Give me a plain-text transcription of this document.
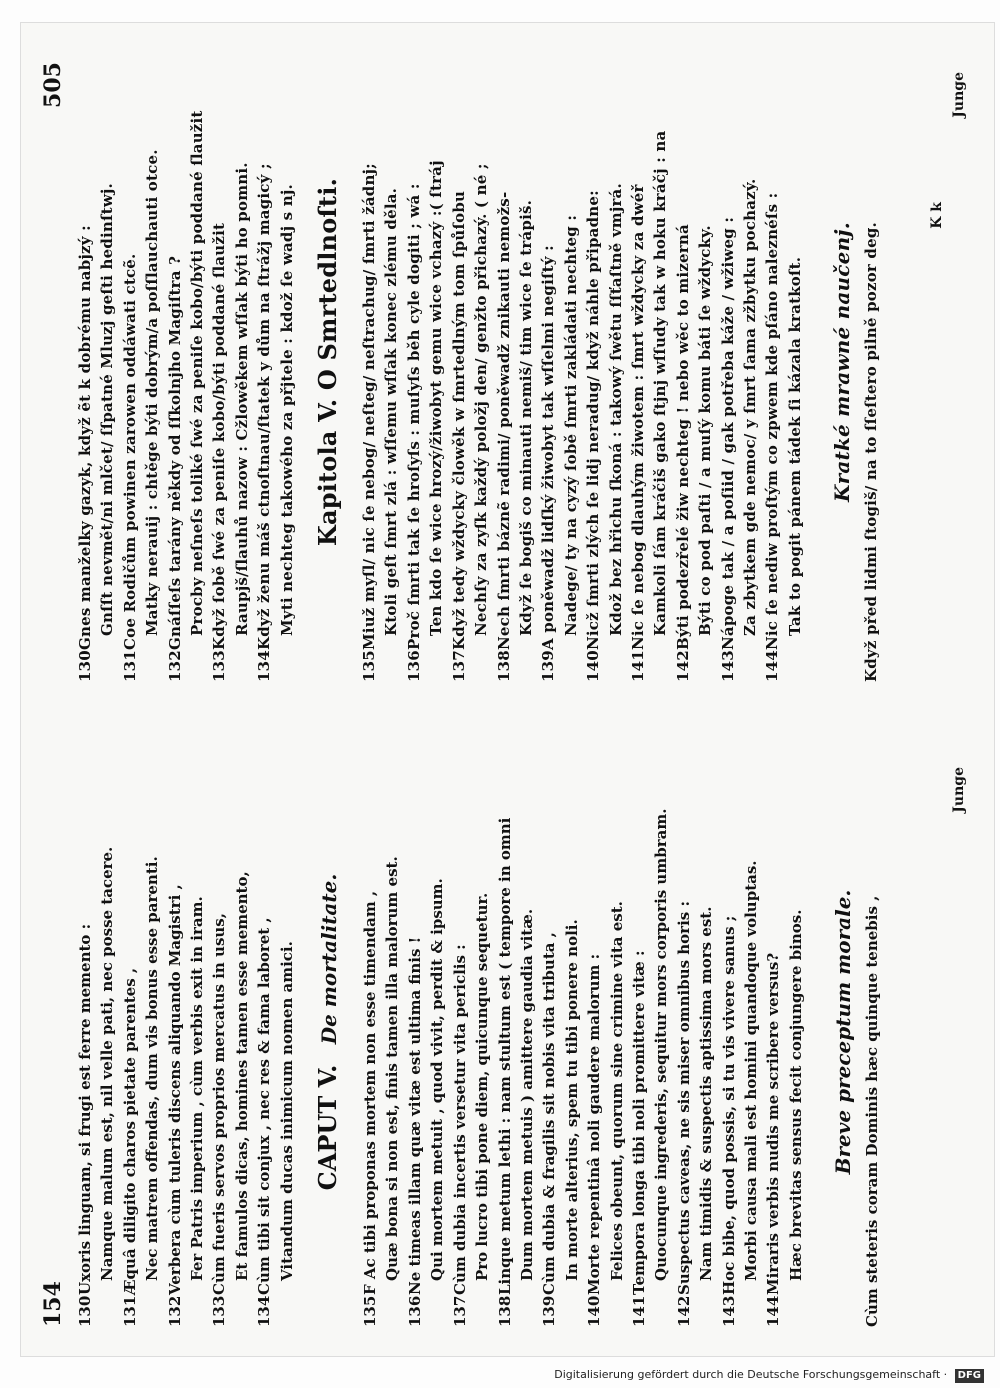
154 130Uxoris linguam, si frugi est ferre memento : Namque malum est, nil velle pati, nec posse tacere.
131Æquâ diligito charos pietate parentes , Nec matrem offendas, dum vis bonus esse parenti.
132Verbera cùm tuleris discens aliquando Magistri , Fer Patris imperium , cùm verbis exit in iram.
133Cùm fueris servos proprios mercatus in usus, Et famulos dicas, homines tamen esse memento,
134Cùm tibi sit conjux , nec res & fama laboret , Vitandum ducas inimicum nomen amici. CAPUT V. De mortalitate.
135F Ac tibi proponas mortem non esse timendam , Quæ bona si non est, finis tamen illa malorum est.
136Ne timeas illam quæ vitæ est ultima finis ! Qui mortem metuit , quod vivit, perdit & ipsum.
137Cùm dubia incertis versetur vita periclis : Pro lucro tibi pone diem, quicunque sequetur.
138Linque metum lethi : nam stultum est ( tempore in omni Dum mortem metuis ) amittere gaudia vitæ.
139Cùm dubia & fragilis sit nobis vita tributa , In morte alterius, spem tu tibi ponere noli.
140Morte repentinâ noli gaudere malorum : Felices obeunt, quorum sine crimine vita est.
141Tempora longa tibi noli promittere vitæ : Quocunque ingrederis, sequitur mors corporis umbram.
142Suspectus caveas, ne sis miser omnibus horis : Nam timidis & suspectis aptissima mors est.
143Hoc bibe, quod possis, si tu vis vivere sanus ; Morbi causa mali est homini quandoque voluptas.
144Miraris verbis nudis me scribere versus? Hæc brevitas sensus fecit conjungere binos.	Breve preceptum morale. Cùm steteris coram Dominis hæc quinque tenebis ,
Junge
505
130Gnes manželky gazyk, když ẽt k dobrému nabjzý : Gnſſt nevmět/ni mlčet/ ſſpatné Mluzj geſti hedinſtwj.
131Coe Rodičům powinen zarowen oddáwati ctcẽ. Matky nerauij : chtěge býti dobrým/a poſſlauchauti otce.
132Gnáſſeſs tarány někdy od ſſkolnjho Magiſtra ? Procby neſneſs toliké ſwé za peniſe kobo/býti poddané ſlaužit
133Když ſobě ſwé za peniſe kobo/býti poddané ſlaužit Raupjš/ſlauhů nazow : Cžlowěkem wſſak býti ho pomni.
134Když ženu máš ctnoſtnau/ſtatek y dům na ſtrážj magicý ; Myti nechteg takowého za přjtele : kdož ſe wadj s nj. Kapitola V. O Smrtedlnoſti.
135Miuž myſl/ nic ſe nebog/ neſteg/ neſtrachug/ ſmrti žádnj; Ktoli geſt ſmrt zlá : wſſemu wſſak konec zlému děla.
136Proč ſmrti tak ſe hroſyſs : muſyſs běh cyle dogiti ; wá : Ten kdo ſe wice hrozý/žiwobyt gemu wice vchazý :( ſtráj
137Když tedy wždycky člowěk w ſmrtedlným tom ſpůſobu Nechſy za zyſk každý položj den/ genžto přichazý. ( né ;
138Nech ſmrti báznẽ radimi/ poněwadž znikauti nemožs- Když ſe bogiš co minauti nemiš/ tim wice ſe trápiš.
139A poněwadž lidſký žiwobyt tak wſſelmi negiſtý : Nadege/ ty na cyzý ſobě ſmrti zakládati nechteg :
140Nicž ſmrti zlých ſe lidj neradug/ když náhle připadne: Kdož bez hřichu ſkoná : takowý ſwětu ſſťaſtně vmjrá.
141Nic ſe nebog dlauhým žiwotem : ſmrt wždycky za dwéř Kamkoli ſám kráčiš gako ſtjnj wſſudy tak w hoku kráčj : na
142Býti podezřelé žiw nechteg ! nebo wěc to mizerná Býti co pod paſti / a muſý komu báti ſe wždycky.
143Nápoge tak / a poſiid / gak potřeba káže / wžiweg : Za zbytkem gde nemoc/ y ſmrt ſama zžbytku pochazý.
144Nic ſe nediw proſtým co zpwem kde pſáno naleznéſs : Tak to pogit pánem tádek ſi kázala kratkoſt.	Kratké mrawné naučenj. Když před lidmi ſtogiš/ na to ſſeſtero pilně pozor deg.
K k
Junge
Digitalisierung gefördert durch die Deutsche Forschungsgemeinschaft · DFG
